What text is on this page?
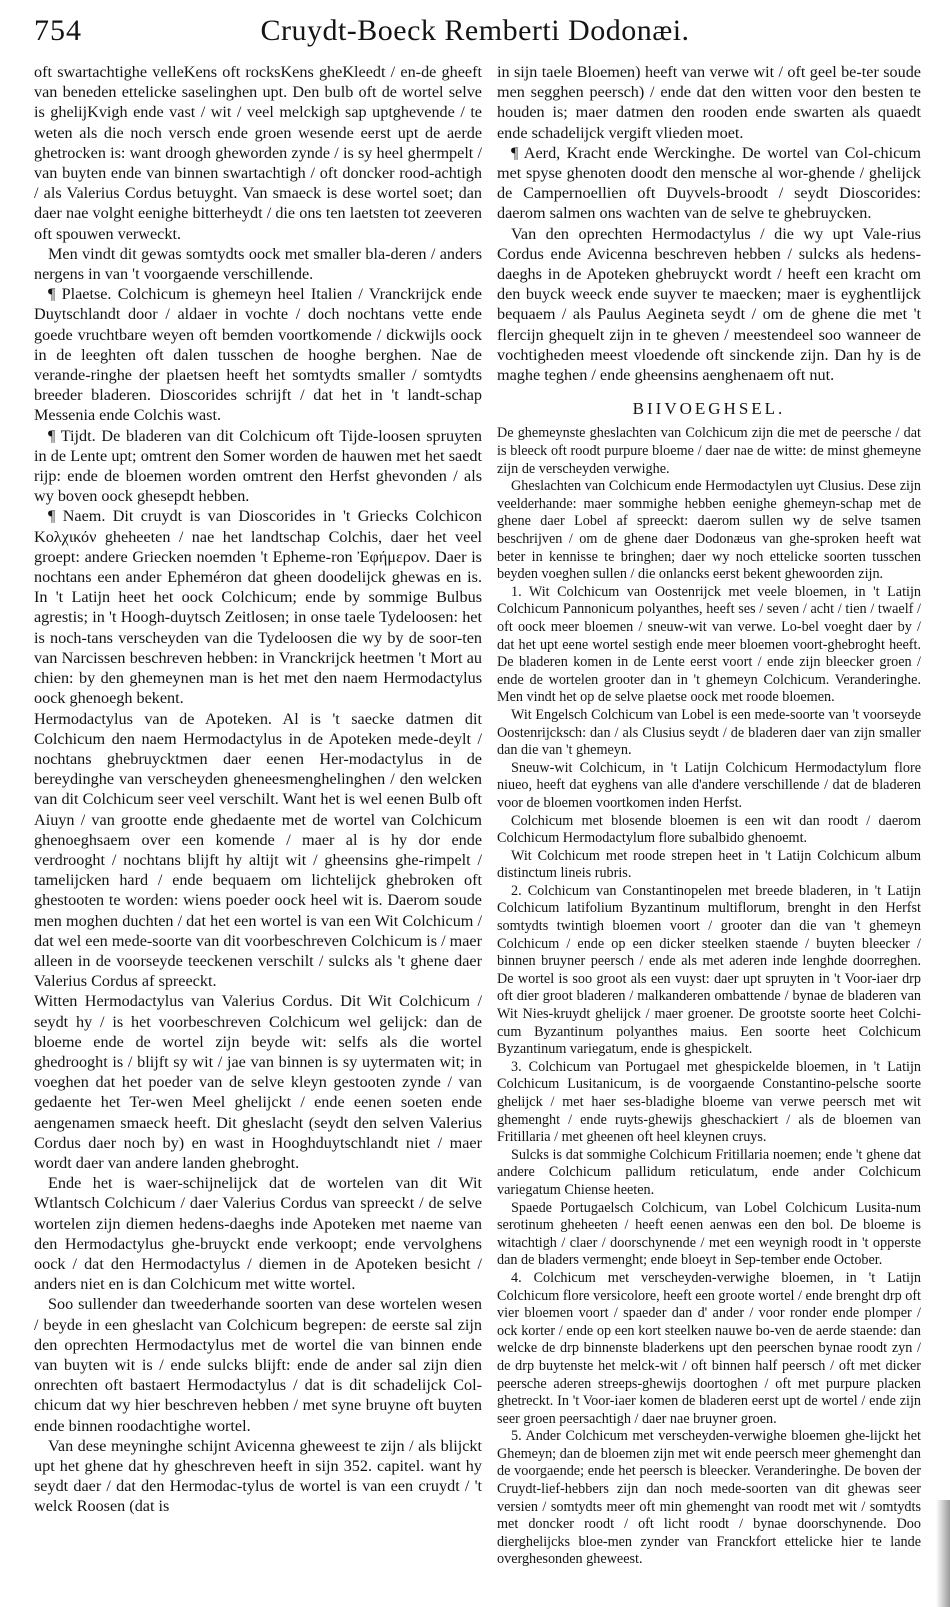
754	Cruydt-Boeck Remberti Dodonæi.

oft swartachtighe velleKens oft rocksKens gheKleedt / en-de gheeft van beneden ettelicke saselinghen upt. Den bulb oft de wortel selve is ghelijKvigh ende vast / wit / veel melckigh sap uptghevende / te weten als die noch versch ende groen wesende eerst upt de aerde ghetrocken is: want droogh gheworden zynde / is sy heel ghermpelt / van buyten ende van binnen swartachtigh / oft doncker rood-achtigh / als Valerius Cordus betuyght. Van smaeck is dese wortel soet; dan daer nae volght eenighe bitterheydt / die ons ten laetsten tot zeeveren oft spouwen verweckt.

Men vindt dit gewas somtydts oock met smaller bla-deren / anders nergens in van 't voorgaende verschillende.

¶ Plaetse. Colchicum is ghemeyn heel Italien / Vranckrijck ende Duytschlandt door / aldaer in vochte / doch nochtans vette ende goede vruchtbare weyen oft bemden voortkomende / dickwijls oock in de leeghten oft dalen tusschen de hooghe berghen. Nae de verande-ringhe der plaetsen heeft het somtydts smaller / somtydts breeder bladeren. Dioscorides schrijft / dat het in 't landt-schap Messenia ende Colchis wast.

¶ Tijdt. De bladeren van dit Colchicum oft Tijde-loosen spruyten in de Lente upt; omtrent den Somer worden de hauwen met het saedt rijp: ende de bloemen worden omtrent den Herfst ghevonden / als wy boven oock ghesepdt hebben.

¶ Naem. Dit cruydt is van Dioscorides in 't Griecks Colchicon Κολχικόν gheheeten / nae het landtschap Colchis, daer het veel groept: andere Griecken noemden 't Epheme-ron Ἐφήμερον. Daer is nochtans een ander Epheméron dat gheen doodelijck ghewas en is. In 't Latijn heet het oock Colchicum; ende by sommige Bulbus agrestis; in 't Hoogh-duytsch Zeitlosen; in onse taele Tydeloosen: het is noch-tans verscheyden van die Tydeloosen die wy by de soor-ten van Narcissen beschreven hebben: in Vranckrijck heetmen 't Mort au chien: by den ghemeynen man is het met den naem Hermodactylus oock ghenoegh bekent.

Hermodactylus van de Apoteken. Al is 't saecke datmen dit Colchicum den naem Hermodactylus in de Apoteken mede-deylt / nochtans ghebruycktmen daer eenen Her-modactylus in de bereydinghe van verscheyden gheneesmenghelinghen / den welcken van dit Colchicum seer veel verschilt. Want het is wel eenen Bulb oft Aiuyn / van grootte ende ghedaente met de wortel van Colchicum ghenoeghsaem over een komende / maer al is hy dor ende verdrooght / nochtans blijft hy altijt wit / gheensins ghe-rimpelt / tamelijcken hard / ende bequaem om lichtelijck ghebroken oft ghestooten te worden: wiens poeder oock heel wit is. Daerom soude men moghen duchten / dat het een wortel is van een Wit Colchicum / dat wel een mede-soorte van dit voorbeschreven Colchicum is / maer alleen in de voorseyde teeckenen verschilt / sulcks als 't ghene daer Valerius Cordus af spreeckt.

Witten Hermodactylus van Valerius Cordus. Dit Wit Colchicum / seydt hy / is het voorbeschreven Colchicum wel gelijck: dan de bloeme ende de wortel zijn beyde wit: selfs als die wortel ghedrooght is / blijft sy wit / jae van binnen is sy uytermaten wit; in voeghen dat het poeder van de selve kleyn gestooten zynde / van gedaente het Ter-wen Meel ghelijckt / ende eenen soeten ende aengenamen smaeck heeft. Dit gheslacht (seydt den selven Valerius Cordus daer noch by) en wast in Hooghduytschlandt niet / maer wordt daer van andere landen ghebroght.

Ende het is waer-schijnelijck dat de wortelen van dit Wit Wtlantsch Colchicum / daer Valerius Cordus van spreeckt / de selve wortelen zijn diemen hedens-daeghs inde Apoteken met naeme van den Hermodactylus ghe-bruyckt ende verkoopt; ende vervolghens oock / dat den Hermodactylus / diemen in de Apoteken besicht / anders niet en is dan Colchicum met witte wortel.

Soo sullender dan tweederhande soorten van dese wortelen wesen / beyde in een gheslacht van Colchicum begrepen: de eerste sal zijn den oprechten Hermodactylus met de wortel die van binnen ende van buyten wit is / ende sulcks blijft: ende de ander sal zijn dien onrechten oft bastaert Hermodactylus / dat is dit schadelijck Col-chicum dat wy hier beschreven hebben / met syne bruyne oft buyten ende binnen roodachtighe wortel.

Van dese meyninghe schijnt Avicenna gheweest te zijn / als blijckt upt het ghene dat hy gheschreven heeft in sijn 352. capitel. want hy seydt daer / dat den Hermodac-tylus de wortel is van een cruydt / 't welck Roosen (dat is

in sijn taele Bloemen) heeft van verwe wit / oft geel be-ter soude men segghen peersch) / ende dat den witten voor den besten te houden is; maer datmen den rooden ende swarten als quaedt ende schadelijck vergift vlieden moet.

¶ Aerd, Kracht ende Werckinghe. De wortel van Col-chicum met spyse ghenoten doodt den mensche al wor-ghende / ghelijck de Campernoellien oft Duyvels-broodt / seydt Dioscorides: daerom salmen ons wachten van de selve te ghebruycken.

Van den oprechten Hermodactylus / die wy upt Vale-rius Cordus ende Avicenna beschreven hebben / sulcks als hedens-daeghs in de Apoteken ghebruyckt wordt / heeft een kracht om den buyck weeck ende suyver te maecken; maer is eyghentlijck bequaem / als Paulus Aegineta seydt / om de ghene die met 't flercijn ghequelt zijn in te gheven / meestendeel soo wanneer de vochtigheden meest vloedende oft sinckende zijn. Dan hy is de maghe teghen / ende gheensins aenghenaem oft nut.

BIIVOEGHSEL.

De ghemeynste gheslachten van Colchicum zijn die met de peersche / dat is bleeck oft roodt purpure bloeme / daer nae de witte: de minst ghemeyne zijn de verscheyden verwighe.

Gheslachten van Colchicum ende Hermodactylen uyt Clusius. Dese zijn veelderhande: maer sommighe hebben eenighe ghemeyn-schap met de ghene daer Lobel af spreeckt: daerom sullen wy de selve tsamen beschrijven / om de ghene daer Dodonæus van ghe-sproken heeft wat beter in kennisse te bringhen; daer wy noch ettelicke soorten tusschen beyden voeghen sullen / die onlancks eerst bekent ghewoorden zijn.

1. Wit Colchicum van Oostenrijck met veele bloemen, in 't Latijn Colchicum Pannonicum polyanthes, heeft ses / seven / acht / tien / twaelf / oft oock meer bloemen / sneuw-wit van verwe. Lo-bel voeght daer by / dat het upt eene wortel sestigh ende meer bloemen voort-ghebroght heeft. De bladeren komen in de Lente eerst voort / ende zijn bleecker groen / ende de wortelen grooter dan in 't ghemeyn Colchicum. Veranderinghe. Men vindt het op de selve plaetse oock met roode bloemen.

Wit Engelsch Colchicum van Lobel is een mede-soorte van 't voorseyde Oostenrijcksch: dan / als Clusius seydt / de bladeren daer van zijn smaller dan die van 't ghemeyn.

Sneuw-wit Colchicum, in 't Latijn Colchicum Hermodactylum flore niueo, heeft dat eyghens van alle d'andere verschillende / dat de bladeren voor de bloemen voortkomen inden Herfst.

Colchicum met blosende bloemen is een wit dan roodt / daerom Colchicum Hermodactylum flore subalbido ghenoemt.

Wit Colchicum met roode strepen heet in 't Latijn Colchicum album distinctum lineis rubris.

2. Colchicum van Constantinopelen met breede bladeren, in 't Latijn Colchicum latifolium Byzantinum multiflorum, brenght in den Herfst somtydts twintigh bloemen voort / grooter dan die van 't ghemeyn Colchicum / ende op een dicker steelken staende / buyten bleecker / binnen bruyner peersch / ende als met aderen inde lenghde doorreghen. De wortel is soo groot als een vuyst: daer upt spruyten in 't Voor-iaer drp oft dier groot bladeren / malkanderen ombattende / bynae de bladeren van Wit Nies-kruydt ghelijck / maer groener. De grootste soorte heet Colchi-cum Byzantinum polyanthes maius. Een soorte heet Colchicum Byzantinum variegatum, ende is ghespickelt.

3. Colchicum van Portugael met ghespickelde bloemen, in 't Latijn Colchicum Lusitanicum, is de voorgaende Constantino-pelsche soorte ghelijck / met haer ses-bladighe bloeme van verwe peersch met wit ghemenght / ende ruyts-ghewijs gheschackiert / als de bloemen van Fritillaria / met gheenen oft heel kleynen cruys.

Sulcks is dat sommighe Colchicum Fritillaria noemen; ende 't ghene dat andere Colchicum pallidum reticulatum, ende ander Colchicum variegatum Chiense heeten.

Spaede Portugaelsch Colchicum, van Lobel Colchicum Lusita-num serotinum gheheeten / heeft eenen aenwas een den bol. De bloeme is witachtigh / claer / doorschynende / met een weynigh roodt in 't opperste dan de bladers vermenght; ende bloeyt in Sep-tember ende October.

4. Colchicum met verscheyden-verwighe bloemen, in 't Latijn Colchicum flore versicolore, heeft een groote wortel / ende brenght drp oft vier bloemen voort / spaeder dan d' ander / voor ronder ende plomper / ock korter / ende op een kort steelken nauwe bo-ven de aerde staende: dan welcke de drp binnenste bladerkens upt den peerschen bynae roodt zyn / de drp buytenste het melck-wit / oft binnen half peersch / oft met dicker peersche aderen streeps-ghewijs doortoghen / oft met purpure placken ghetreckt. In 't Voor-iaer komen de bladeren eerst upt de wortel / ende zijn seer groen peersachtigh / daer nae bruyner groen.

5. Ander Colchicum met verscheyden-verwighe bloemen ghe-lijckt het Ghemeyn; dan de bloemen zijn met wit ende peersch meer ghemenght dan de voorgaende; ende het peersch is bleecker. Veranderinghe. De boven der Cruydt-lief-hebbers zijn dan noch mede-soorten van dit ghewas seer versien / somtydts meer oft min ghemenght van roodt met wit / somtydts met doncker roodt / oft licht roodt / bynae doorschynende. Doo dierghelijcks bloe-men zynder van Franckfort ettelicke hier te lande overghesonden gheweest.
